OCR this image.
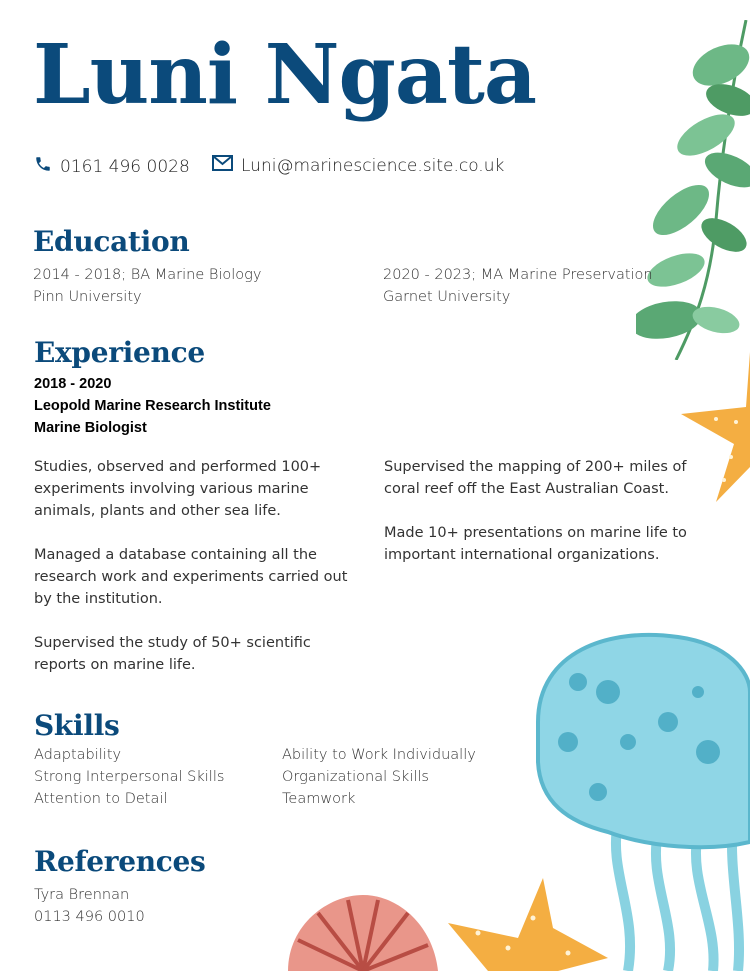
Luni Ngata
0161 496 0028	Luni@marinescience.site.co.uk
Education
2014 - 2018; BA Marine Biology
Pinn University
2020 - 2023; MA Marine Preservation
Garnet University
Experience
2018 - 2020
Leopold Marine Research Institute
Marine Biologist

Studies, observed and performed 100+ experiments involving various marine animals, plants and other sea life.

Managed a database containing all the research work and experiments carried out by the institution.

Supervised the study of 50+ scientific reports on marine life.

Supervised the mapping of 200+ miles of coral reef off the East Australian Coast.

Made 10+ presentations on marine life to important international organizations.

Skills
Adaptability
Strong Interpersonal Skills
Attention to Detail
Ability to Work Individually
Organizational Skills
Teamwork
References
Tyra Brennan
0113 496 0010
